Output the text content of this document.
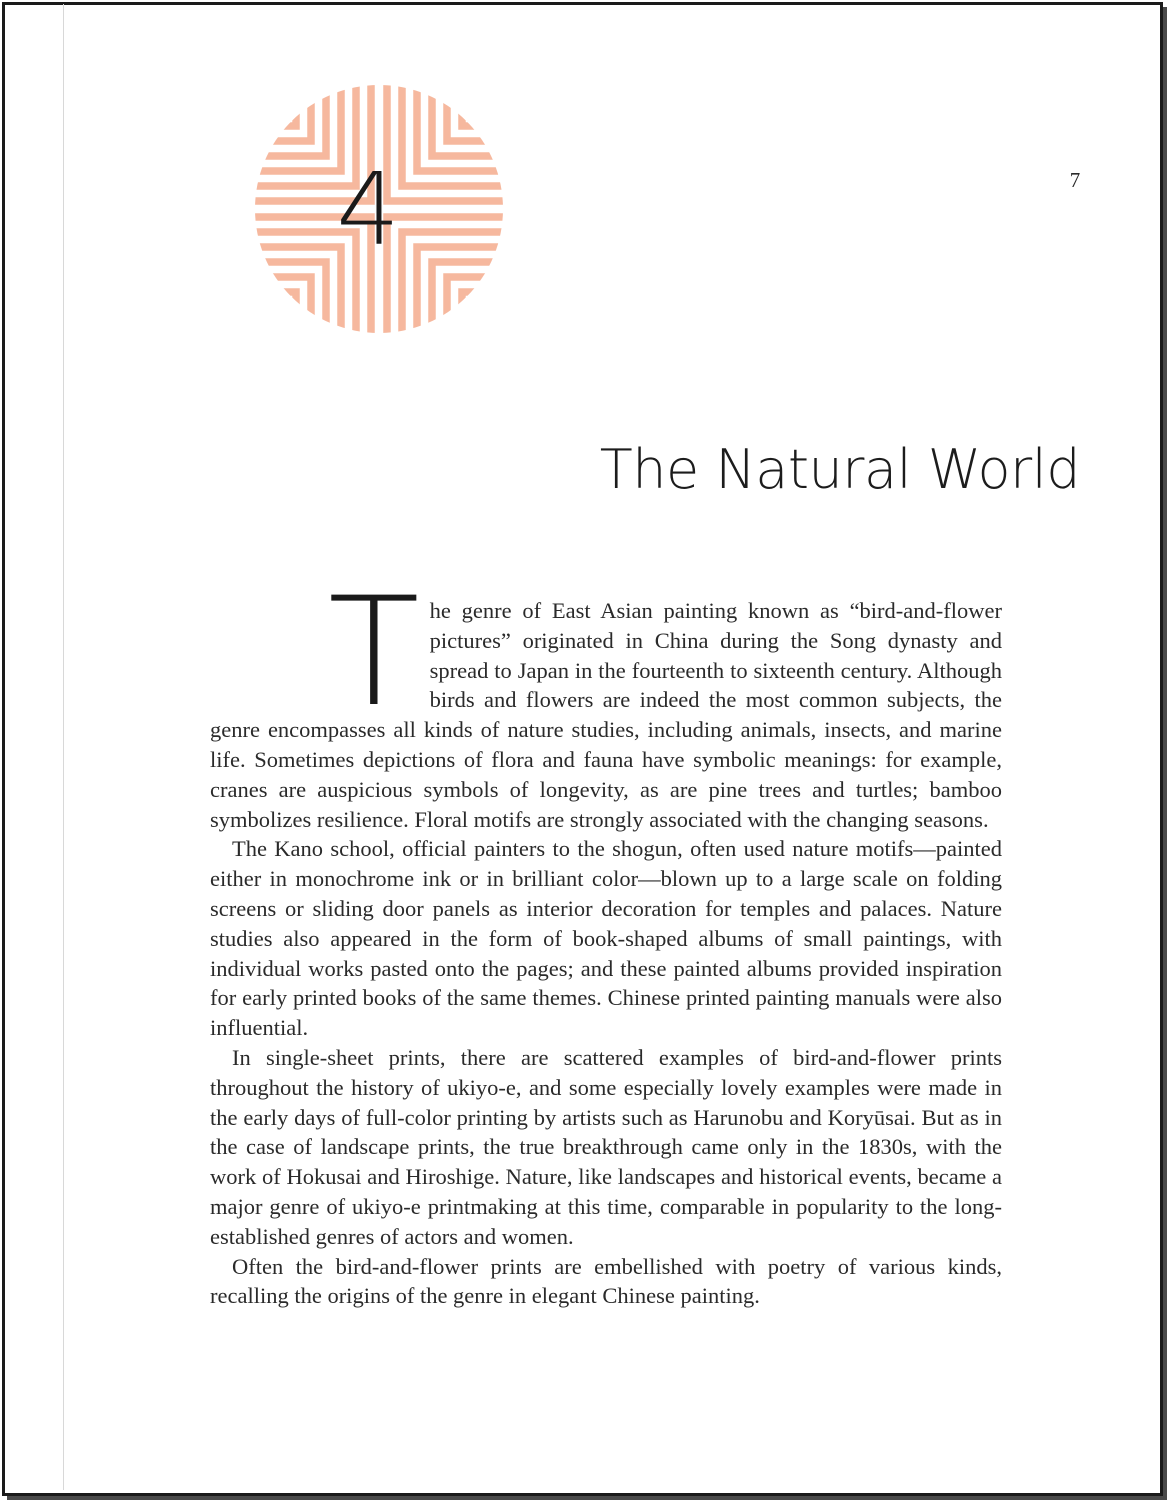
4	7
The Natural World

The genre of East Asian painting known as “bird-and-flower pictures” originated in China during the Song dynasty and spread to Japan in the fourteenth to sixteenth century. Although birds and flowers are indeed the most common subjects, the genre encompasses all kinds of nature studies, including animals, insects, and marine life. Sometimes depictions of flora and fauna have symbolic meanings: for example, cranes are auspicious symbols of longevity, as are pine trees and turtles; bamboo symbolizes resilience. Floral motifs are strongly associated with the changing seasons.

The Kano school, official painters to the shogun, often used nature motifs—painted either in monochrome ink or in brilliant color—blown up to a large scale on folding screens or sliding door panels as interior decoration for temples and palaces. Nature studies also appeared in the form of book-shaped albums of small paintings, with individual works pasted onto the pages; and these painted albums provided inspiration for early printed books of the same themes. Chinese printed painting manuals were also influential.

In single-sheet prints, there are scattered examples of bird-and-flower prints throughout the history of ukiyo-e, and some especially lovely examples were made in the early days of full-color printing by artists such as Harunobu and Koryūsai. But as in the case of landscape prints, the true breakthrough came only in the 1830s, with the work of Hokusai and Hiroshige. Nature, like landscapes and historical events, became a major genre of ukiyo-e printmaking at this time, comparable in popularity to the long-established genres of actors and women.

Often the bird-and-flower prints are embellished with poetry of various kinds, recalling the origins of the genre in elegant Chinese painting.
